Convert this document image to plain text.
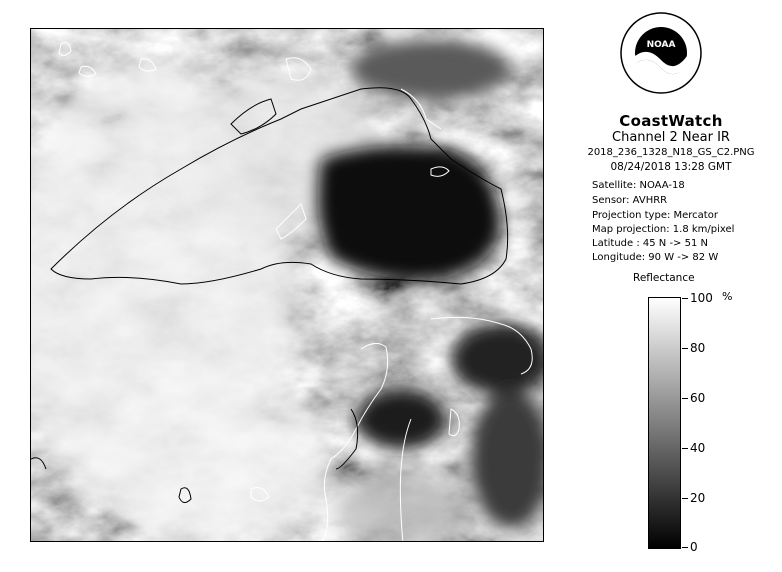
NOAA
CoastWatch
Channel 2 Near IR
2018_236_1328_N18_GS_C2.PNG
08/24/2018 13:28 GMT
Satellite: NOAA-18
Sensor: AVHRR
Projection type: Mercator
Map projection: 1.8 km/pixel
Latitude : 45 N -> 51 N
Longitude: 90 W -> 82 W
Reflectance
%
100
80
60
40
20
0
